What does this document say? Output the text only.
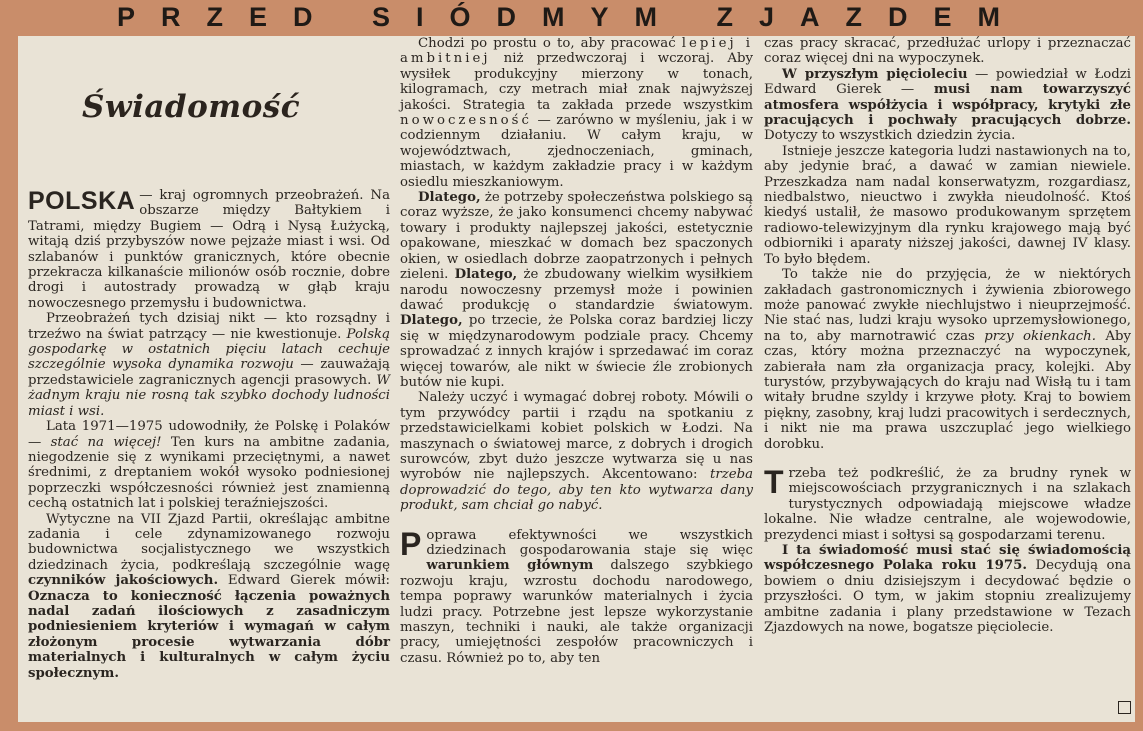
PRZED SIÓDMYM ZJAZDEM
Świadomość

POLSKA — kraj ogromnych przeobrażeń. Na obszarze między Bałtykiem i Tatrami, między Bugiem — Odrą i Nysą Łużycką, witają dziś przybyszów nowe pejzaże miast i wsi. Od szlabanów i punktów granicznych, które obecnie przekracza kilkanaście milionów osób rocznie, dobre drogi i autostrady prowadzą w głąb kraju nowoczesnego przemysłu i budownictwa.

Przeobrażeń tych dzisiaj nikt — kto rozsądny i trzeźwo na świat patrzący — nie kwestionuje. Polską gospodarkę w ostatnich pięciu latach cechuje szczególnie wysoka dynamika rozwoju — zauważają przedstawiciele zagranicznych agencji prasowych. W żadnym kraju nie rosną tak szybko dochody ludności miast i wsi.

Lata 1971—1975 udowodniły, że Polskę i Polaków — stać na więcej! Ten kurs na ambitne zadania, niegodzenie się z wynikami przeciętnymi, a nawet średnimi, z dreptaniem wokół wysoko podniesionej poprzeczki współczesności również jest znamienną cechą ostatnich lat i polskiej teraźniejszości.

Wytyczne na VII Zjazd Partii, określając ambitne zadania i cele zdynamizowanego rozwoju budownictwa socjalistycznego we wszystkich dziedzinach życia, podkreślają szczególnie wagę czynników jakościowych. Edward Gierek mówił: Oznacza to konieczność łączenia poważnych nadal zadań ilościowych z zasadniczym podniesieniem kryteriów i wymagań w całym złożonym procesie wytwarzania dóbr materialnych i kulturalnych w całym życiu społecznym.

Chodzi po prostu o to, aby pracować lepiej i ambitniej niż przedwczoraj i wczoraj. Aby wysiłek produkcyjny mierzony w tonach, kilogramach, czy metrach miał znak najwyższej jakości. Strategia ta zakłada przede wszystkim nowoczesność — zarówno w myśleniu, jak i w codziennym działaniu. W całym kraju, w województwach, zjednoczeniach, gminach, miastach, w każdym zakładzie pracy i w każdym osiedlu mieszkaniowym.

Dlatego, że potrzeby społeczeństwa polskiego są coraz wyższe, że jako konsumenci chcemy nabywać towary i produkty najlepszej jakości, estetycznie opakowane, mieszkać w domach bez spaczonych okien, w osiedlach dobrze zaopatrzonych i pełnych zieleni. Dlatego, że zbudowany wielkim wysiłkiem narodu nowoczesny przemysł może i powinien dawać produkcję o standardzie światowym. Dlatego, po trzecie, że Polska coraz bardziej liczy się w międzynarodowym podziale pracy. Chcemy sprowadzać z innych krajów i sprzedawać im coraz więcej towarów, ale nikt w świecie źle zrobionych butów nie kupi.

Należy uczyć i wymagać dobrej roboty. Mówili o tym przywódcy partii i rządu na spotkaniu z przedstawicielkami kobiet polskich w Łodzi. Na maszynach o światowej marce, z dobrych i drogich surowców, zbyt dużo jeszcze wytwarza się u nas wyrobów nie najlepszych. Akcentowano: trzeba doprowadzić do tego, aby ten kto wytwarza dany produkt, sam chciał go nabyć.

P oprawa efektywności we wszystkich dziedzinach gospodarowania staje się więc warunkiem głównym dalszego szybkiego rozwoju kraju, wzrostu dochodu narodowego, tempa poprawy warunków materialnych i życia ludzi pracy. Potrzebne jest lepsze wykorzystanie maszyn, techniki i nauki, ale także organizacji pracy, umiejętności zespołów pracowniczych i czasu. Również po to, aby ten

czas pracy skracać, przedłużać urlopy i przeznaczać coraz więcej dni na wypoczynek.

W przyszłym pięcioleciu — powiedział w Łodzi Edward Gierek — musi nam towarzyszyć atmosfera współżycia i współpracy, krytyki złe pracujących i pochwały pracujących dobrze. Dotyczy to wszystkich dziedzin życia.

Istnieje jeszcze kategoria ludzi nastawionych na to, aby jedynie brać, a dawać w zamian niewiele. Przeszkadza nam nadal konserwatyzm, rozgardiasz, niedbalstwo, nieuctwo i zwykła nieudolność. Ktoś kiedyś ustalił, że masowo produkowanym sprzętem radiowo-telewizyjnym dla rynku krajowego mają być odbiorniki i aparaty niższej jakości, dawnej IV klasy. To było błędem.

To także nie do przyjęcia, że w niektórych zakładach gastronomicznych i żywienia zbiorowego może panować zwykłe niechlujstwo i nieuprzejmość. Nie stać nas, ludzi kraju wysoko uprzemysłowionego, na to, aby marnotrawić czas przy okienkach. Aby czas, który można przeznaczyć na wypoczynek, zabierała nam zła organizacja pracy, kolejki. Aby turystów, przybywających do kraju nad Wisłą tu i tam witały brudne szyldy i krzywe płoty. Kraj to bowiem piękny, zasobny, kraj ludzi pracowitych i serdecznych, i nikt nie ma prawa uszczuplać jego wielkiego dorobku.

T rzeba też podkreślić, że za brudny rynek w miejscowościach przygranicznych i na szlakach turystycznych odpowiadają miejscowe władze lokalne. Nie władze centralne, ale wojewodowie, prezydenci miast i sołtysi są gospodarzami terenu.

I ta świadomość musi stać się świadomością współczesnego Polaka roku 1975. Decydują ona bowiem o dniu dzisiejszym i decydować będzie o przyszłości. O tym, w jakim stopniu zrealizujemy ambitne zadania i plany przedstawione w Tezach Zjazdowych na nowe, bogatsze pięciolecie.
